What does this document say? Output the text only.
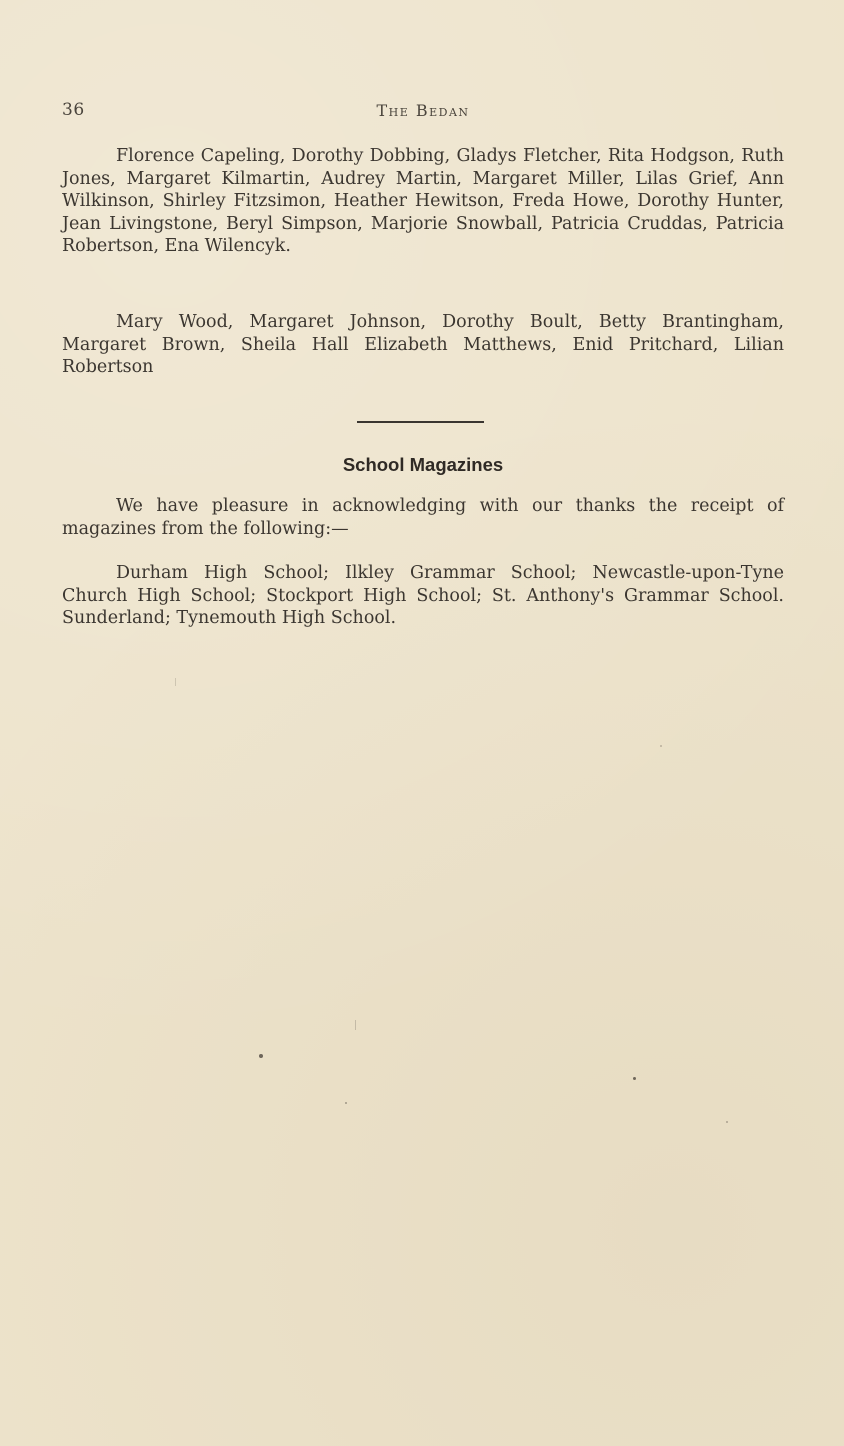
36	The Bedan

Florence Capeling, Dorothy Dobbing, Gladys Fletcher, Rita Hodgson, Ruth Jones, Margaret Kilmartin, Audrey Martin, Margaret Miller, Lilas Grief, Ann Wilkinson, Shirley Fitzsimon, Heather Hewitson, Freda Howe, Dorothy Hunter, Jean Livingstone, Beryl Simpson, Marjorie Snowball, Patricia Cruddas, Patricia Robertson, Ena Wilencyk.

Mary Wood, Margaret Johnson, Dorothy Boult, Betty Brantingham, Margaret Brown, Sheila Hall Elizabeth Matthews, Enid Pritchard, Lilian Robertson

School Magazines

We have pleasure in acknowledging with our thanks the receipt of magazines from the following:—

Durham High School; Ilkley Grammar School; Newcastle-upon-Tyne Church High School; Stockport High School; St. Anthony's Grammar School. Sunderland; Tynemouth High School.
